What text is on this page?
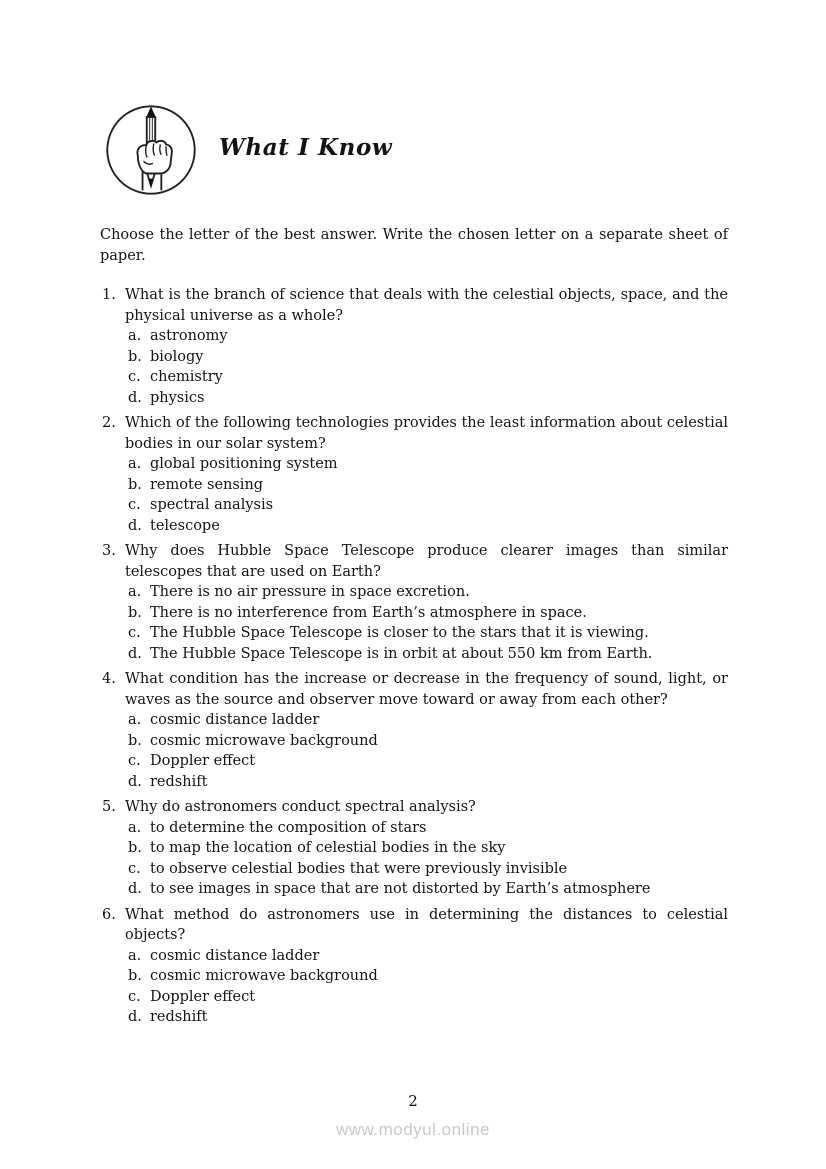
What I Know

Choose the letter of the best answer. Write the chosen letter on a separate sheet of paper.

1. What is the branch of science that deals with the celestial objects, space, and the physical universe as a whole?

a. astronomy
b. biology
c. chemistry
d. physics
2. Which of the following technologies provides the least information about celestial bodies in our solar system?

a. global positioning system
b. remote sensing
c. spectral analysis
d. telescope
3. Why does Hubble Space Telescope produce clearer images than similar telescopes that are used on Earth?

a. There is no air pressure in space excretion.
b. There is no interference from Earth’s atmosphere in space.
c. The Hubble Space Telescope is closer to the stars that it is viewing.
d. The Hubble Space Telescope is in orbit at about 550 km from Earth.
4. What condition has the increase or decrease in the frequency of sound, light, or waves as the source and observer move toward or away from each other?

a. cosmic distance ladder
b. cosmic microwave background
c. Doppler effect
d. redshift
5. Why do astronomers conduct spectral analysis?

a. to determine the composition of stars
b. to map the location of celestial bodies in the sky
c. to observe celestial bodies that were previously invisible
d. to see images in space that are not distorted by Earth’s atmosphere
6. What method do astronomers use in determining the distances to celestial objects?

a. cosmic distance ladder
b. cosmic microwave background
c. Doppler effect
d. redshift
2
www.modyul.online
